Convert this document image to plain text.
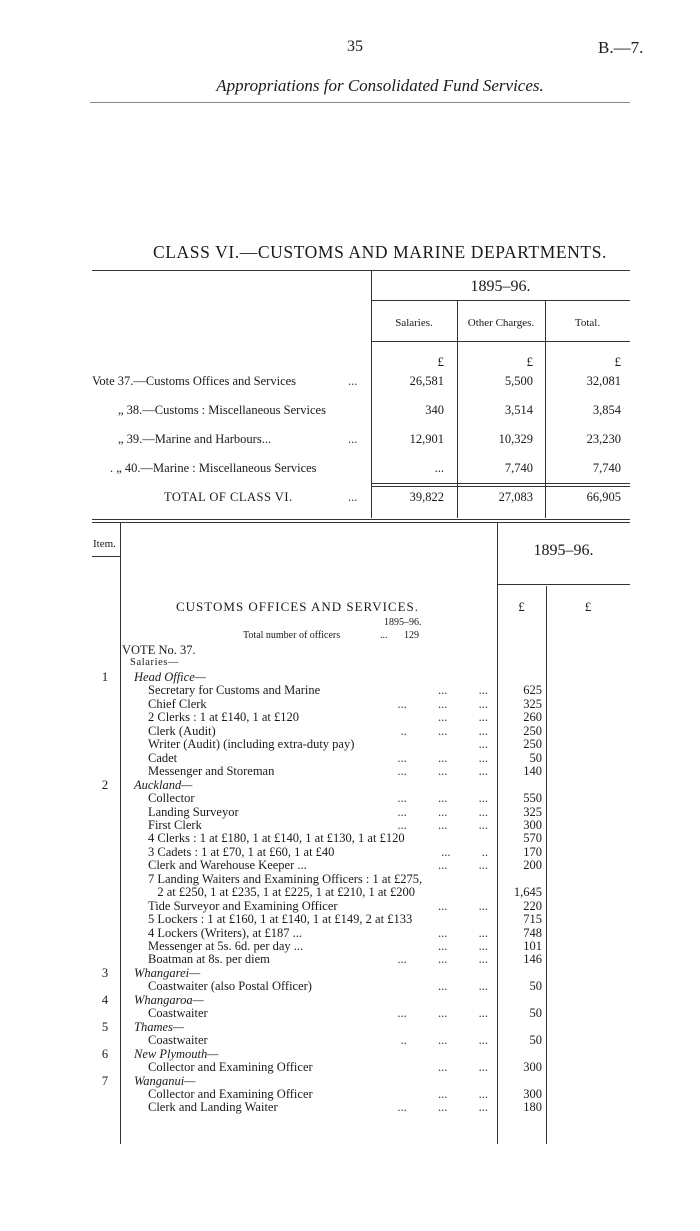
35	B.—7.
Appropriations for Consolidated Fund Services.
CLASS VI.—CUSTOMS AND MARINE DEPARTMENTS.
1895–96.
Salaries.	Other Charges.	Total.
£	£	£
Vote 37.—Customs Offices and Services	...	26,581	5,500	32,081
„ 38.—Customs : Miscellaneous Services	340	3,514	3,854
„ 39.—Marine and Harbours...	...	12,901	10,329	23,230
. „ 40.—Marine : Miscellaneous Services	...	7,740	7,740
TOTAL OF CLASS VI.	...	39,822	27,083	66,905
Item.	1895–96.
£	£
CUSTOMS OFFICES AND SERVICES.
1895–96.
Total number of officers	... 129
VOTE No. 37.
Salaries—
1	Head Office—
Secretary for Customs and Marine	...          ...	625
Chief Clerk	...          ...          ...	325
2 Clerks : 1 at £140, 1 at £120	...          ...	260
Clerk (Audit)	..          ...          ...	250
Writer (Audit) (including extra-duty pay)	...	250
Cadet	...          ...          ...	50
Messenger and Storeman	...          ...          ...	140
2	Auckland—
Collector	...          ...          ...	550
Landing Surveyor	...          ...          ...	325
First Clerk	...          ...          ...	300
4 Clerks : 1 at £180, 1 at £140, 1 at £130, 1 at £120	570
3 Cadets : 1 at £70, 1 at £60, 1 at £40	...          ..	170
Clerk and Warehouse Keeper ...	...          ...	200
7 Landing Waiters and Examining Officers : 1 at £275,
2 at £250, 1 at £235, 1 at £225, 1 at £210, 1 at £200	1,645
Tide Surveyor and Examining Officer	...          ...	220
5 Lockers : 1 at £160, 1 at £140, 1 at £149, 2 at £133	715
4 Lockers (Writers), at £187 ...	...          ...	748
Messenger at 5s. 6d. per day ...	...          ...	101
Boatman at 8s. per diem	...          ...          ...	146
3	Whangarei—
Coastwaiter (also Postal Officer)	...          ...	50
4	Whangaroa—
Coastwaiter	...          ...          ...	50
5	Thames—
Coastwaiter	..          ...          ...	50
6	New Plymouth—
Collector and Examining Officer	...          ...	300
7	Wanganui—
Collector and Examining Officer	...          ...	300
Clerk and Landing Waiter	...          ...          ...	180
